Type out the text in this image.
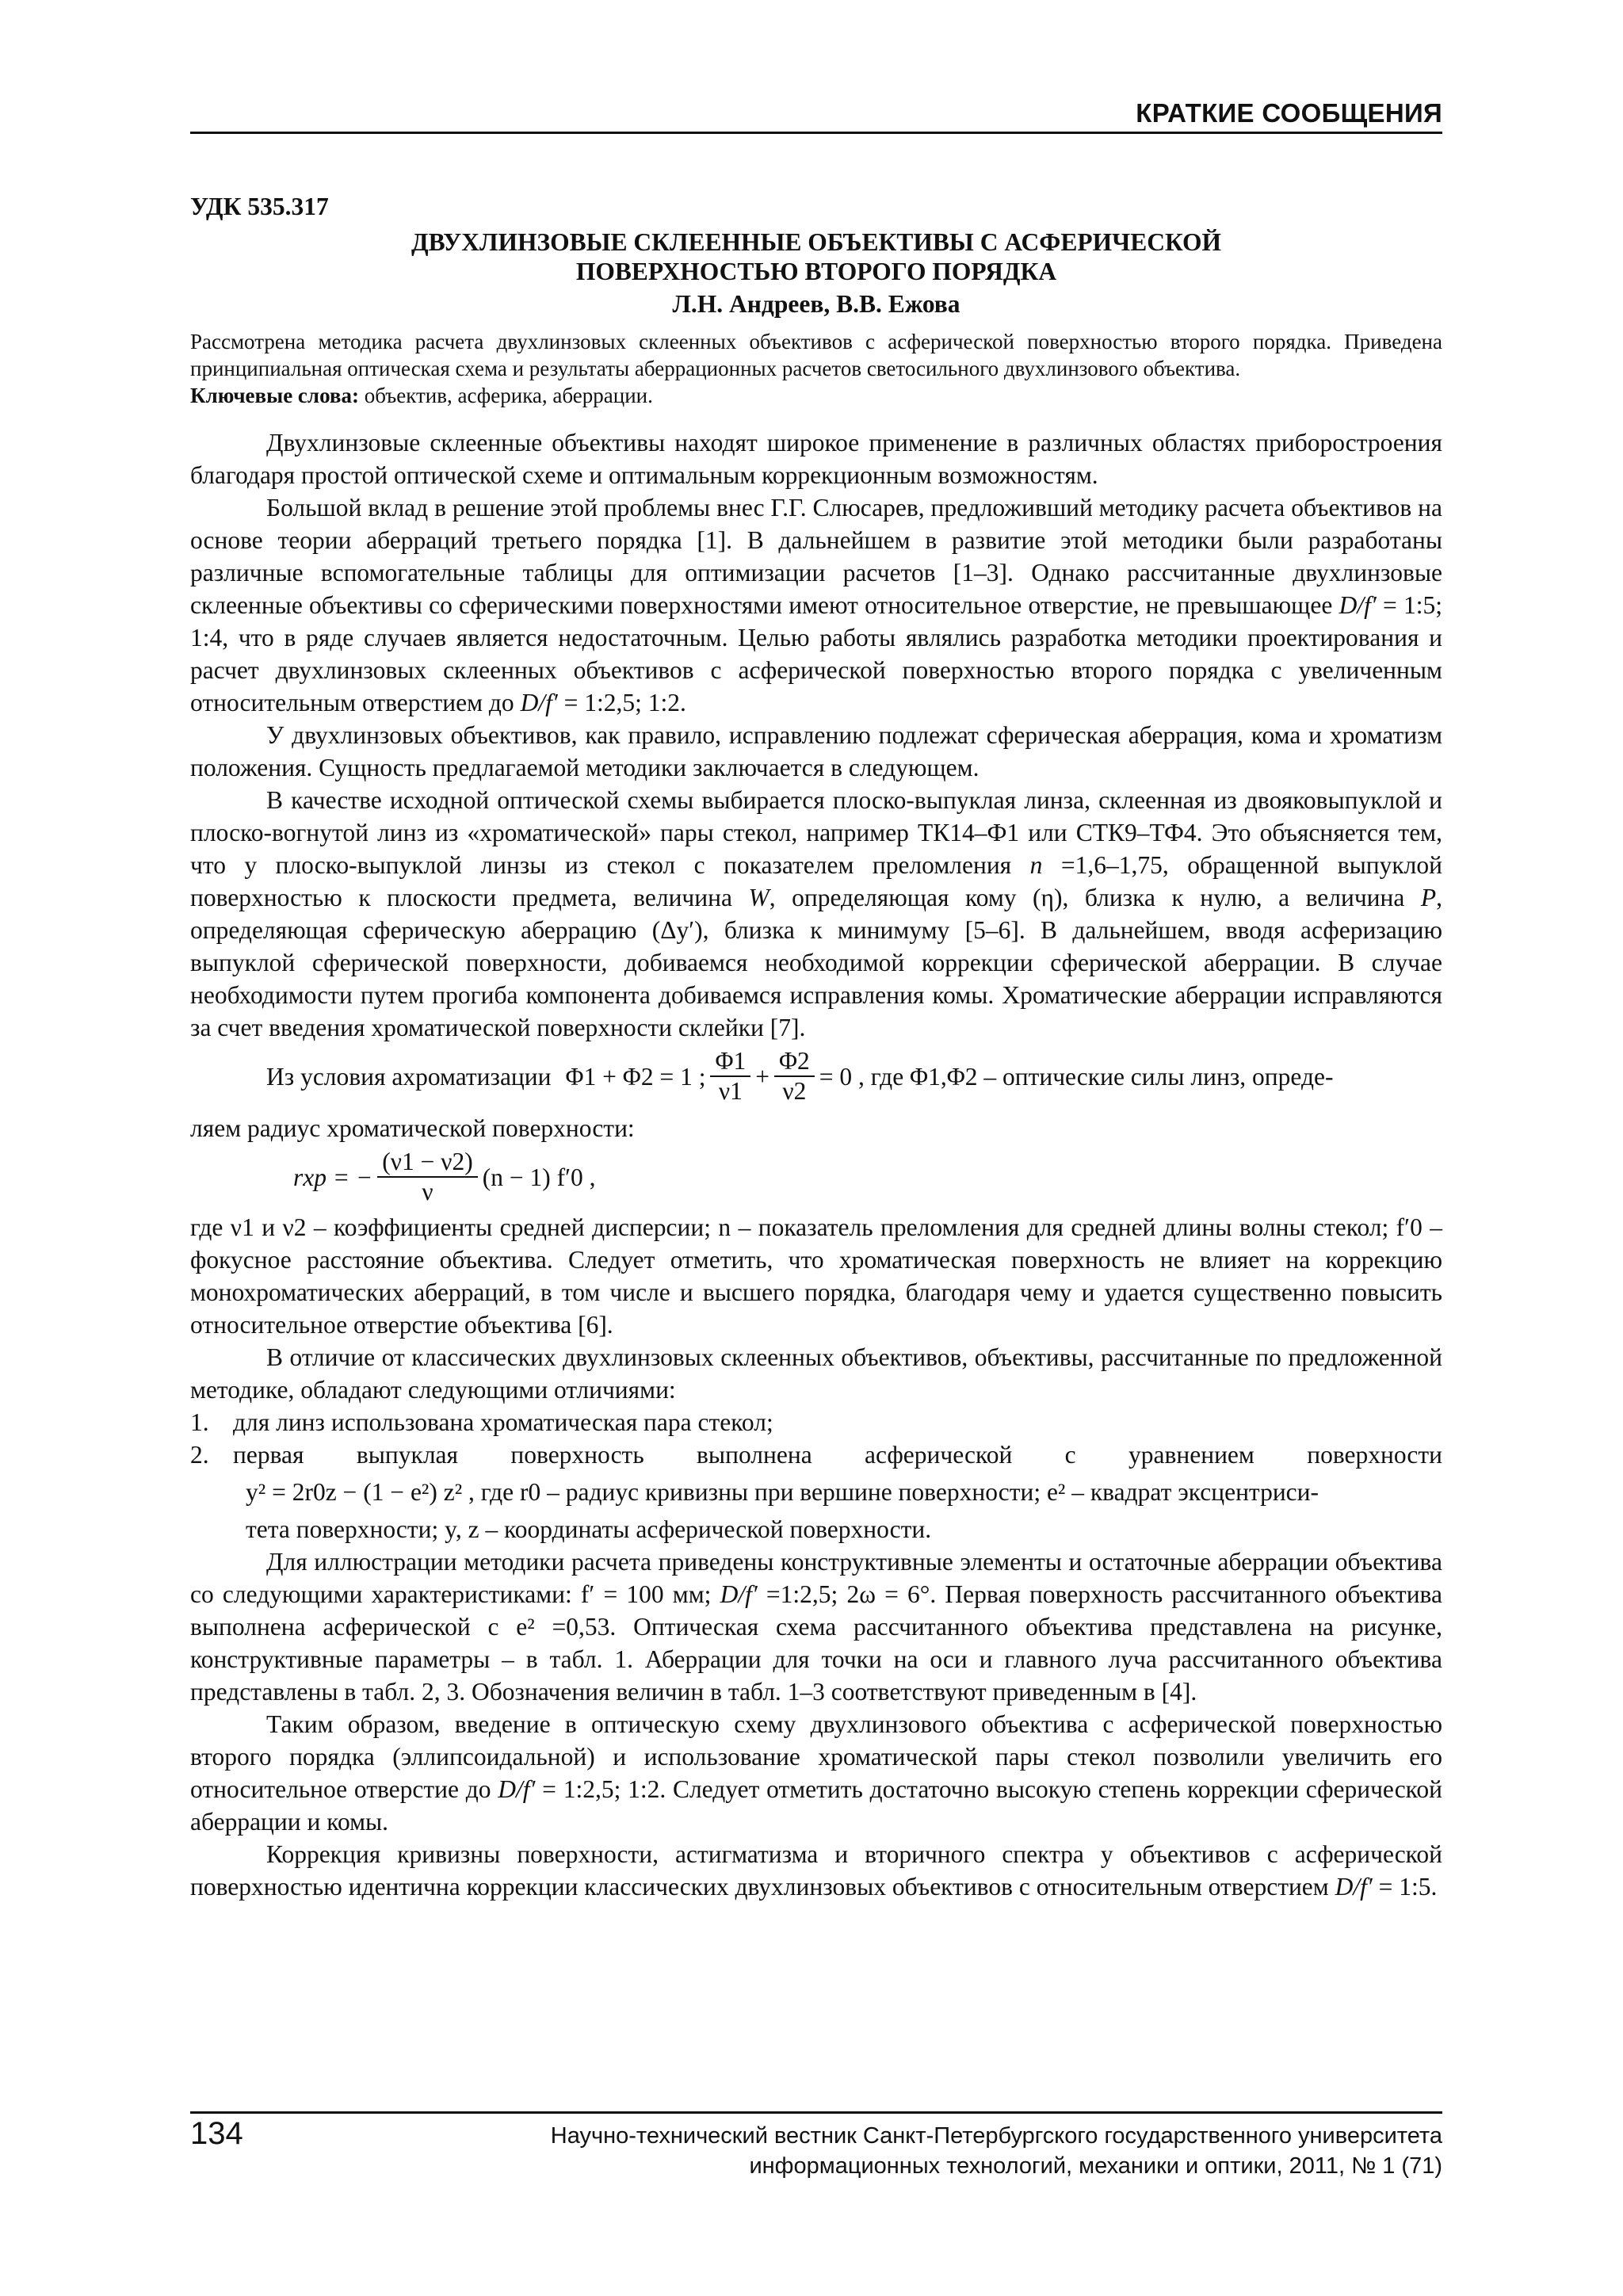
КРАТКИЕ СООБЩЕНИЯ
УДК 535.317
ДВУХЛИНЗОВЫЕ СКЛЕЕННЫЕ ОБЪЕКТИВЫ С АСФЕРИЧЕСКОЙ
ПОВЕРХНОСТЬЮ ВТОРОГО ПОРЯДКА
Л.Н. Андреев, В.В. Ежова
Рассмотрена методика расчета двухлинзовых склеенных объективов с асферической поверхностью второго порядка. Приведена принципиальная оптическая схема и результаты аберрационных расчетов светосильного двухлинзового объектива.
Ключевые слова: объектив, асферика, аберрации.

Двухлинзовые склеенные объективы находят широкое применение в различных областях приборостроения благодаря простой оптической схеме и оптимальным коррекционным возможностям.

Большой вклад в решение этой проблемы внес Г.Г. Слюсарев, предложивший методику расчета объективов на основе теории аберраций третьего порядка [1]. В дальнейшем в развитие этой методики были разработаны различные вспомогательные таблицы для оптимизации расчетов [1–3]. Однако рассчитанные двухлинзовые склеенные объективы со сферическими поверхностями имеют относительное отверстие, не превышающее D/f′ = 1:5; 1:4, что в ряде случаев является недостаточным. Целью работы являлись разработка методики проектирования и расчет двухлинзовых склеенных объективов с асферической поверхностью второго порядка с увеличенным относительным отверстием до D/f′ = 1:2,5; 1:2.

У двухлинзовых объективов, как правило, исправлению подлежат сферическая аберрация, кома и хроматизм положения. Сущность предлагаемой методики заключается в следующем.

В качестве исходной оптической схемы выбирается плоско-выпуклая линза, склеенная из двояковыпуклой и плоско-вогнутой линз из «хроматической» пары стекол, например ТК14–Ф1 или СТК9–ТФ4. Это объясняется тем, что у плоско-выпуклой линзы из стекол с показателем преломления n =1,6–1,75, обращенной выпуклой поверхностью к плоскости предмета, величина W, определяющая кому (η), близка к нулю, а величина P, определяющая сферическую аберрацию (Δy′), близка к минимуму [5–6]. В дальнейшем, вводя асферизацию выпуклой сферической поверхности, добиваемся необходимой коррекции сферической аберрации. В случае необходимости путем прогиба компонента добиваемся исправления комы. Хроматические аберрации исправляются за счет введения хроматической поверхности склейки [7].

Из условия ахроматизации Φ1 + Φ2 = 1 ; $\frac{\Phi 1}{\nu 1} + \frac{\Phi 2}{\nu 2} = 0$ , где Φ1,Φ2 – оптические силы линз, опреде-

ляем радиус хроматической поверхности:

rxp = − $\frac{(\nu 1 - \nu 2)}{\nu} (n - 1)$ f′0 ,

где ν1 и ν2 – коэффициенты средней дисперсии; n – показатель преломления для средней длины волны стекол; f′0 – фокусное расстояние объектива. Следует отметить, что хроматическая поверхность не влияет на коррекцию монохроматических аберраций, в том числе и высшего порядка, благодаря чему и удается существенно повысить относительное отверстие объектива [6].

В отличие от классических двухлинзовых склеенных объективов, объективы, рассчитанные по предложенной методике, обладают следующими отличиями:

1. для линз использована хроматическая пара стекол;
2. первая выпуклая поверхность выполнена асферической с уравнением поверхности
y² = 2r0z − (1 − e²) z² , где r0 – радиус кривизны при вершине поверхности; e² – квадрат эксцентриси-
тета поверхности; y, z – координаты асферической поверхности.

Для иллюстрации методики расчета приведены конструктивные элементы и остаточные аберрации объектива со следующими характеристиками: f′ = 100 мм; D/f′ =1:2,5; 2ω = 6°. Первая поверхность рассчитанного объектива выполнена асферической с e² =0,53. Оптическая схема рассчитанного объектива представлена на рисунке, конструктивные параметры – в табл. 1. Аберрации для точки на оси и главного луча рассчитанного объектива представлены в табл. 2, 3. Обозначения величин в табл. 1–3 соответствуют приведенным в [4].

Таким образом, введение в оптическую схему двухлинзового объектива с асферической поверхностью второго порядка (эллипсоидальной) и использование хроматической пары стекол позволили увеличить его относительное отверстие до D/f′ = 1:2,5; 1:2. Следует отметить достаточно высокую степень коррекции сферической аберрации и комы.

Коррекция кривизны поверхности, астигматизма и вторичного спектра у объективов с асферической поверхностью идентична коррекции классических двухлинзовых объективов с относительным отверстием D/f′ = 1:5.

134	Научно-технический вестник Санкт-Петербургского государственного университета
информационных технологий, механики и оптики, 2011, № 1 (71)
